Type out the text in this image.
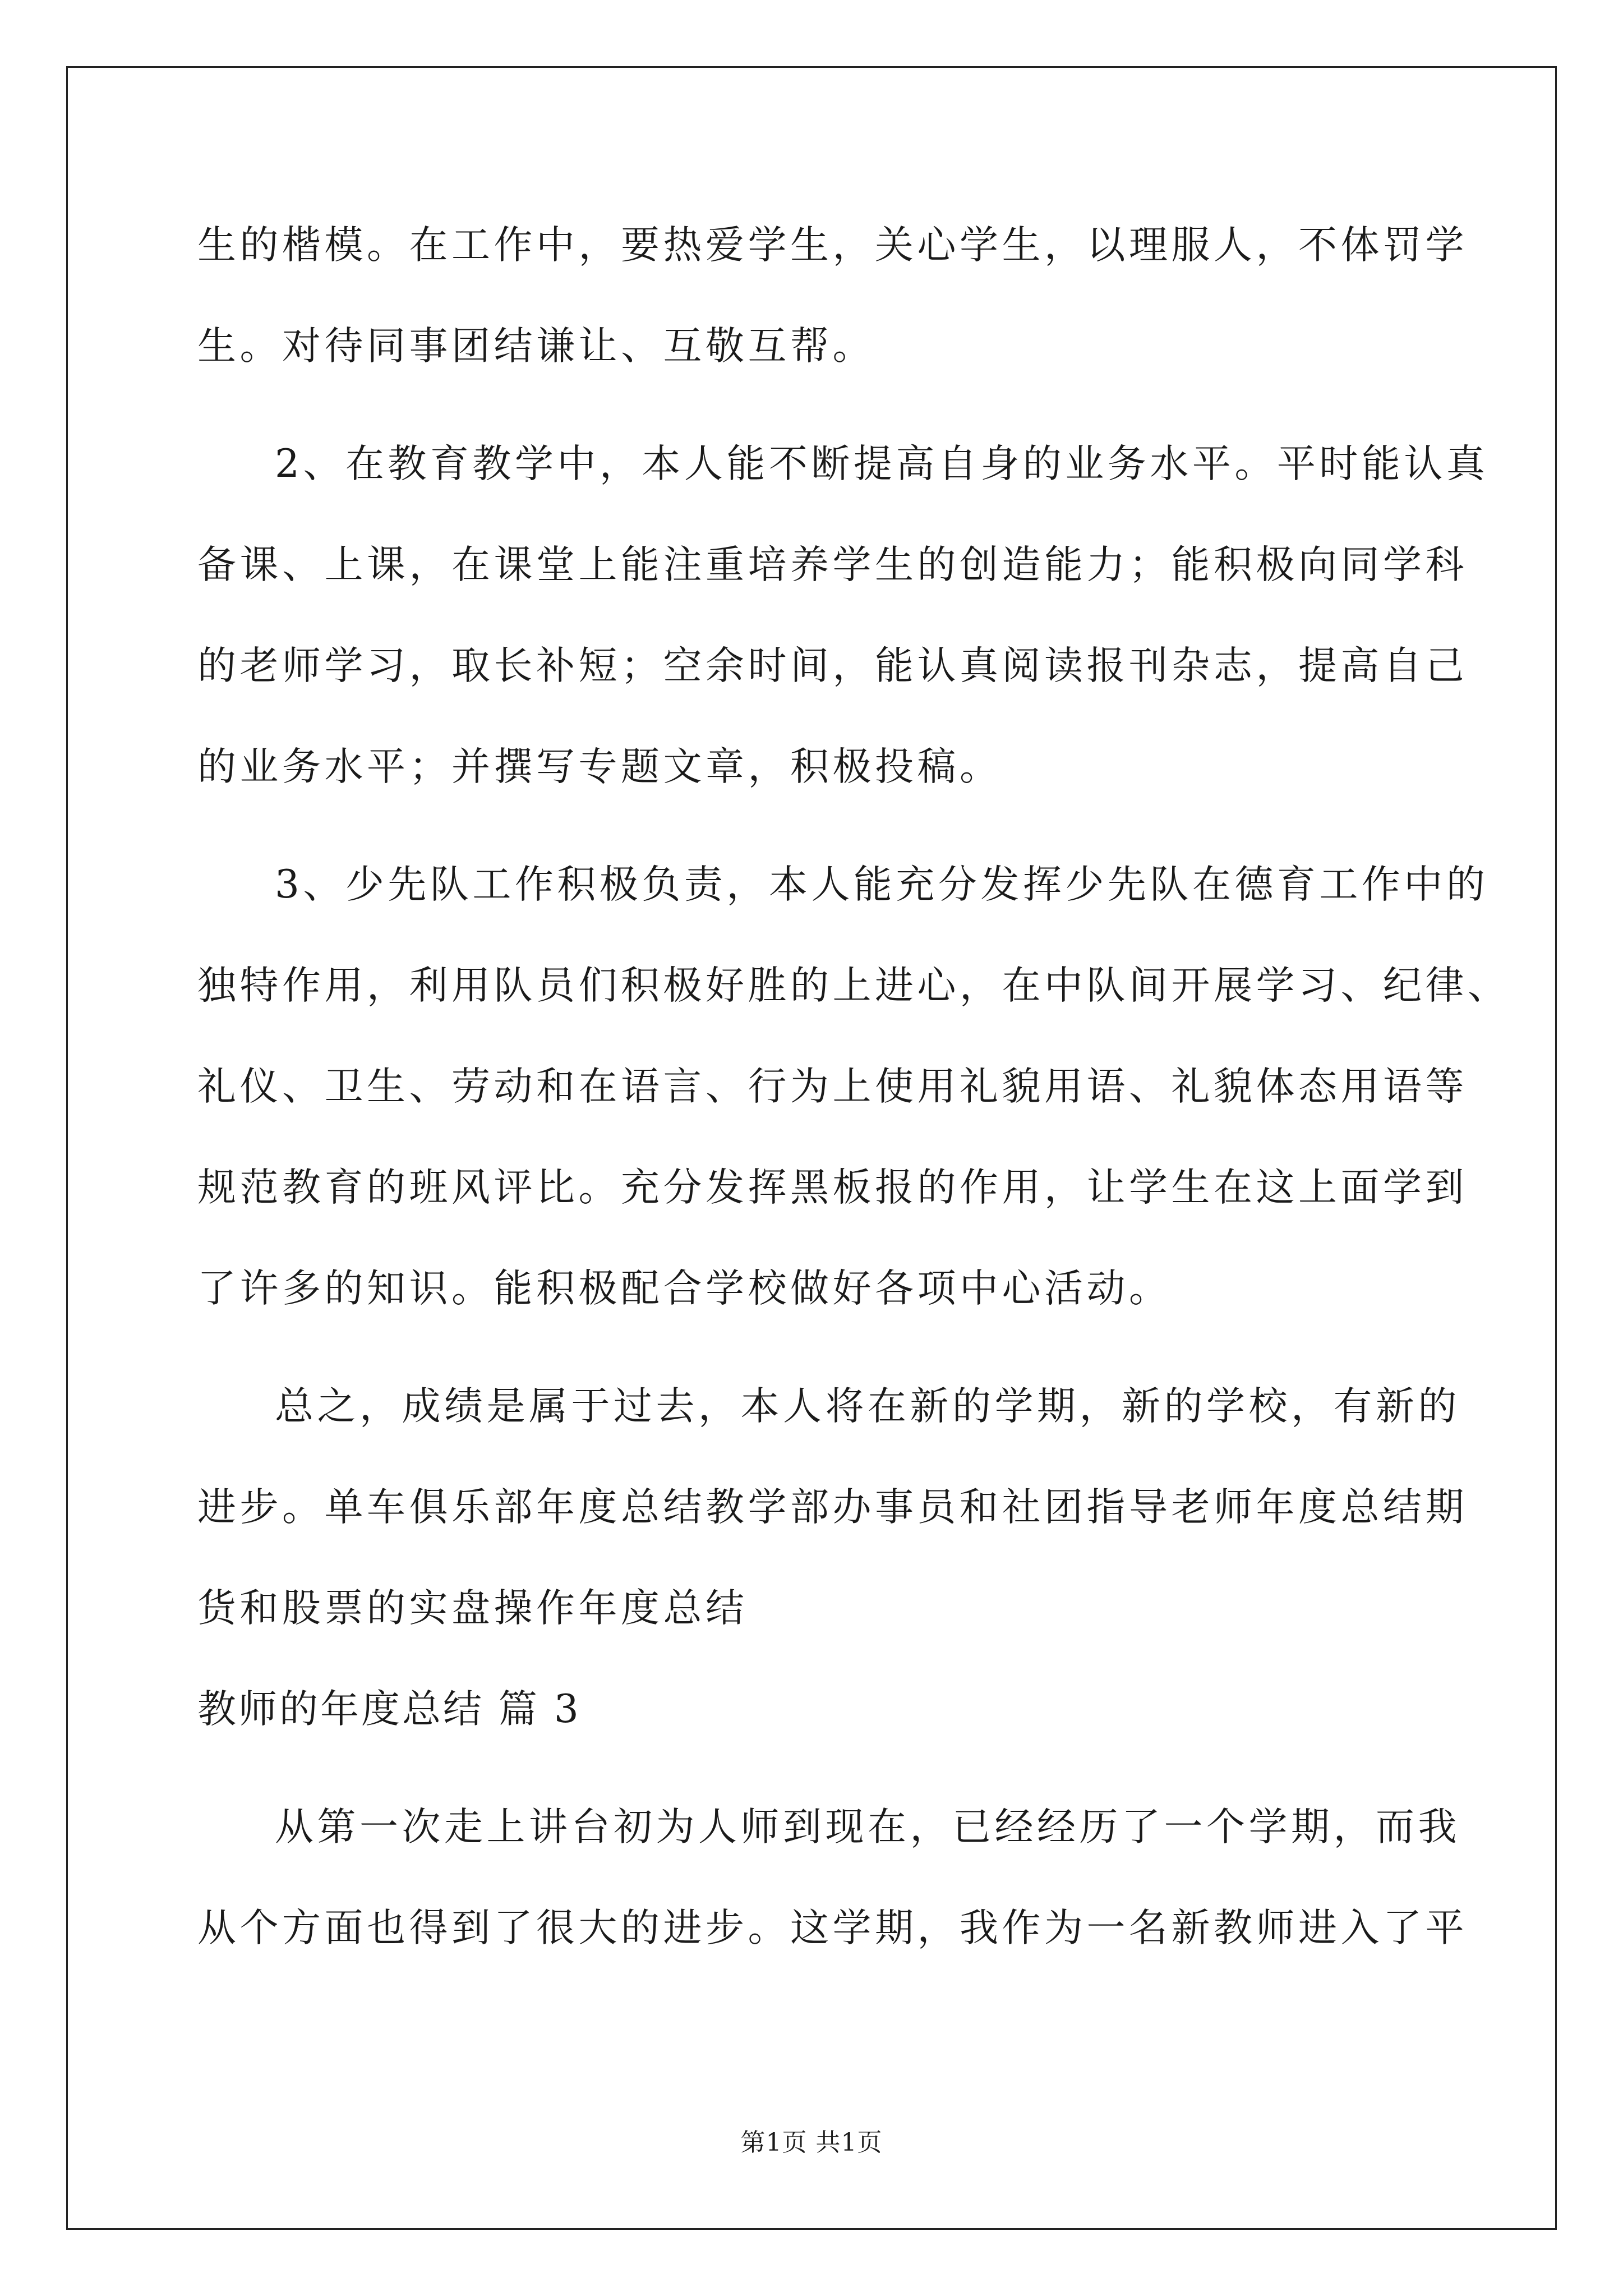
生的楷模。在工作中，要热爱学生，关心学生，以理服人，不体罚学
生。对待同事团结谦让、互敬互帮。
2、在教育教学中，本人能不断提高自身的业务水平。平时能认真
备课、上课，在课堂上能注重培养学生的创造能力；能积极向同学科
的老师学习，取长补短；空余时间，能认真阅读报刊杂志，提高自己
的业务水平；并撰写专题文章，积极投稿。
3、少先队工作积极负责，本人能充分发挥少先队在德育工作中的
独特作用，利用队员们积极好胜的上进心，在中队间开展学习、纪律、
礼仪、卫生、劳动和在语言、行为上使用礼貌用语、礼貌体态用语等
规范教育的班风评比。充分发挥黑板报的作用，让学生在这上面学到
了许多的知识。能积极配合学校做好各项中心活动。
总之，成绩是属于过去，本人将在新的学期，新的学校，有新的
进步。单车俱乐部年度总结教学部办事员和社团指导老师年度总结期
货和股票的实盘操作年度总结
教师的年度总结 篇 3
从第一次走上讲台初为人师到现在，已经经历了一个学期，而我
从个方面也得到了很大的进步。这学期，我作为一名新教师进入了平
第1页 共1页
